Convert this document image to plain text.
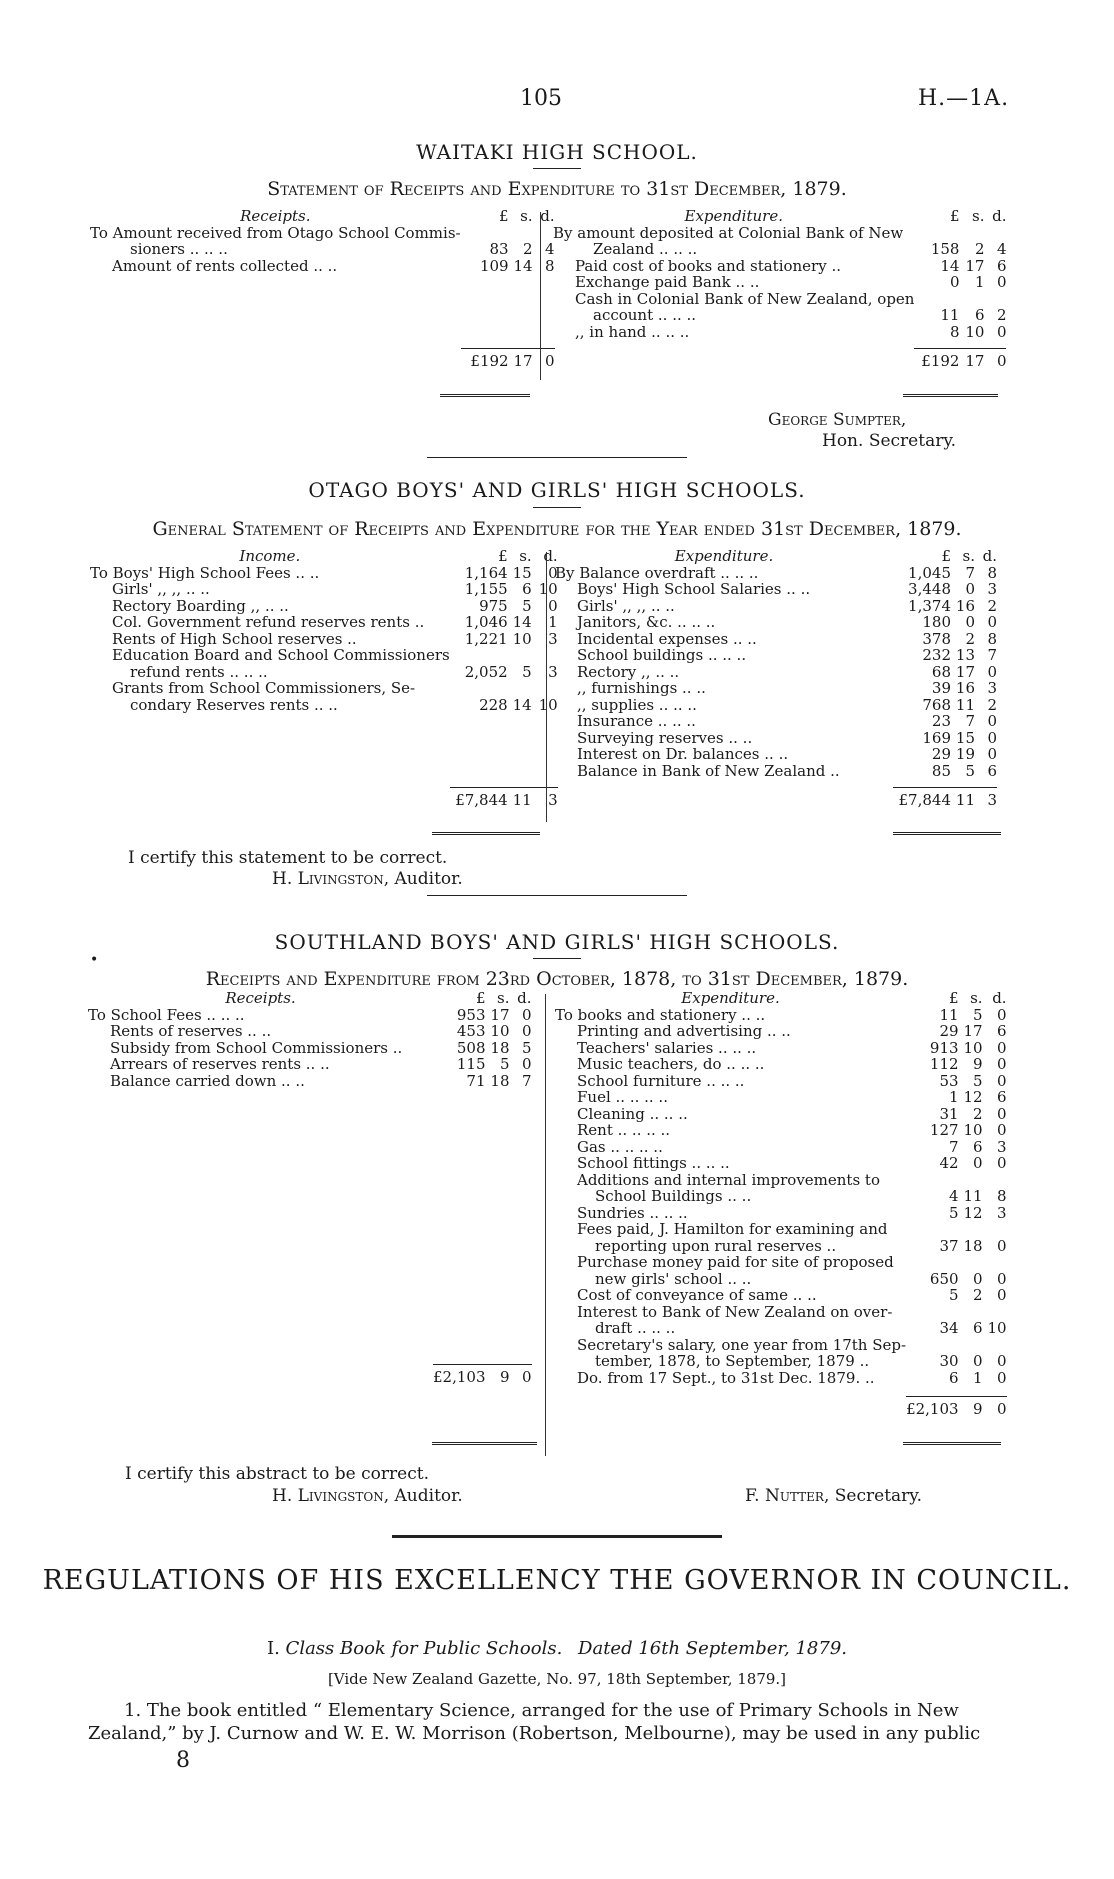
105	H.—1A.
WAITAKI HIGH SCHOOL.
Statement of Receipts and Expenditure to 31st December, 1879.
Receipts.	£	s.	d.
To Amount received from Otago School Commis-			
sioners .. .. ..	83	2	4
Amount of rents collected .. ..	109	14	8

	£192	17	0
Expenditure.	£	s.	d.
By amount deposited at Colonial Bank of New			
Zealand .. .. ..	158	2	4
Paid cost of books and stationery ..	14	17	6
Exchange paid Bank .. ..	0	1	0
Cash in Colonial Bank of New Zealand, open			
account .. .. ..	11	6	2
,, in hand .. .. ..	8	10	0

	£192	17	0
George Sumpter,
Hon. Secretary.
OTAGO BOYS' AND GIRLS' HIGH SCHOOLS.
General Statement of Receipts and Expenditure for the Year ended 31st December, 1879.
Income.	£	s.	d.
To Boys' High School Fees .. ..	1,164	15	0
Girls' ,, ,, .. ..	1,155	6	10
Rectory Boarding ,, .. ..	975	5	0
Col. Government refund reserves rents ..	1,046	14	1
Rents of High School reserves ..	1,221	10	3
Education Board and School Commissioners			
refund rents .. .. ..	2,052	5	3
Grants from School Commissioners, Se-			
condary Reserves rents .. ..	228	14	10

	£7,844	11	3
Expenditure.	£	s.	d.
By Balance overdraft .. .. ..	1,045	7	8
Boys' High School Salaries .. ..	3,448	0	3
Girls' ,, ,, .. ..	1,374	16	2
Janitors, &c. .. .. ..	180	0	0
Incidental expenses .. ..	378	2	8
School buildings .. .. ..	232	13	7
Rectory ,, .. ..	68	17	0
,, furnishings .. ..	39	16	3
,, supplies .. .. ..	768	11	2
Insurance .. .. ..	23	7	0
Surveying reserves .. ..	169	15	0
Interest on Dr. balances .. ..	29	19	0
Balance in Bank of New Zealand ..	85	5	6

	£7,844	11	3
I certify this statement to be correct.
H. Livingston, Auditor.
SOUTHLAND BOYS' AND GIRLS' HIGH SCHOOLS.
Receipts and Expenditure from 23rd October, 1878, to 31st December, 1879.
•
Receipts.	£	s.	d.
To School Fees .. .. ..	953	17	0
Rents of reserves .. ..	453	10	0
Subsidy from School Commissioners ..	508	18	5
Arrears of reserves rents .. ..	115	5	0
Balance carried down .. ..	71	18	7

	£2,103	9	0
Expenditure.	£	s.	d.
To books and stationery .. ..	11	5	0
Printing and advertising .. ..	29	17	6
Teachers' salaries .. .. ..	913	10	0
Music teachers, do .. .. ..	112	9	0
School furniture .. .. ..	53	5	0
Fuel .. .. .. ..	1	12	6
Cleaning .. .. ..	31	2	0
Rent .. .. .. ..	127	10	0
Gas .. .. .. ..	7	6	3
School fittings .. .. ..	42	0	0
Additions and internal improvements to			
School Buildings .. ..	4	11	8
Sundries .. .. ..	5	12	3
Fees paid, J. Hamilton for examining and			
reporting upon rural reserves ..	37	18	0
Purchase money paid for site of proposed			
new girls' school .. ..	650	0	0
Cost of conveyance of same .. ..	5	2	0
Interest to Bank of New Zealand on over-			
draft .. .. ..	34	6	10
Secretary's salary, one year from 17th Sep-			
tember, 1878, to September, 1879 ..	30	0	0
Do. from 17 Sept., to 31st Dec. 1879. ..	6	1	0

	£2,103	9	0
I certify this abstract to be correct.
H. Livingston, Auditor.	F. Nutter, Secretary.
REGULATIONS OF HIS EXCELLENCY THE GOVERNOR IN COUNCIL.
I. Class Book for Public Schools. Dated 16th September, 1879.
[Vide New Zealand Gazette, No. 97, 18th September, 1879.]
1. The book entitled “ Elementary Science, arranged for the use of Primary Schools in New
Zealand,” by J. Curnow and W. E. W. Morrison (Robertson, Melbourne), may be used in any public
8
